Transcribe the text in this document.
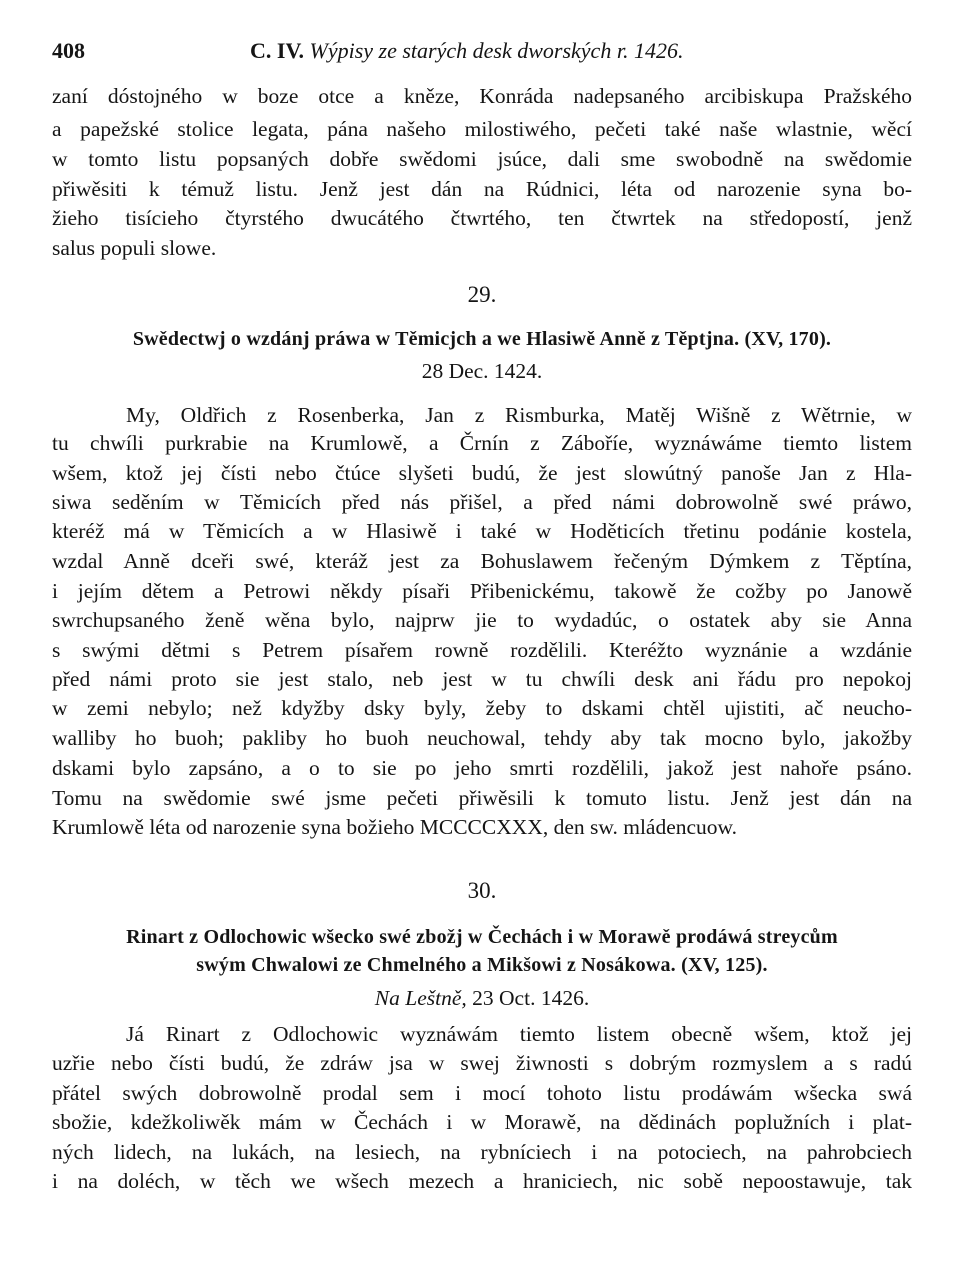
408	C. IV. Wýpisy ze starých desk dworských r. 1426.
zaní dóstojného w boze otce a kněze, Konráda nadepsaného arcibiskupa Pražského
a papežské stolice legata, pána našeho milostiwého, pečeti také naše wlastnie, wěcí
w tomto listu popsaných dobře swědomi jsúce, dali sme swobodně na swědomie
přiwěsiti k témuž listu. Jenž jest dán na Rúdnici, léta od narozenie syna bo-
žieho tisícieho čtyrstého dwucátého čtwrtého, ten čtwrtek na středopostí, jenž
salus populi slowe.
29.
Swědectwj o wzdánj práwa w Těmicjch a we Hlasiwě Anně z Těptjna. (XV, 170).
28 Dec. 1424.
My, Oldřich z Rosenberka, Jan z Rismburka, Matěj Wišně z Wětrnie, w
tu chwíli purkrabie na Krumlowě, a Črnín z Záboříe, wyznáwáme tiemto listem
wšem, ktož jej čísti nebo čtúce slyšeti budú, že jest slowútný panoše Jan z Hla-
siwa seděním w Těmicích před nás přišel, a před námi dobrowolně swé práwo,
kteréž má w Těmicích a w Hlasiwě i také w Hoděticích třetinu podánie kostela,
wzdal Anně dceři swé, kteráž jest za Bohuslawem řečeným Dýmkem z Těptína,
i jejím dětem a Petrowi někdy písaři Přibenickému, takowě že cožby po Janowě
swrchupsaného ženě wěna bylo, najprw jie to wydadúc, o ostatek aby sie Anna
s swými dětmi s Petrem písařem rowně rozdělili. Kteréžto wyznánie a wzdánie
před námi proto sie jest stalo, neb jest w tu chwíli desk ani řádu pro nepokoj
w zemi nebylo; než kdyžby dsky byly, žeby to dskami chtěl ujistiti, ač neucho-
walliby ho buoh; pakliby ho buoh neuchowal, tehdy aby tak mocno bylo, jakožby
dskami bylo zapsáno, a o to sie po jeho smrti rozdělili, jakož jest nahoře psáno.
Tomu na swědomie swé jsme pečeti přiwěsili k tomuto listu. Jenž jest dán na
Krumlowě léta od narozenie syna božieho MCCCCXXX, den sw. mládencuow.
30.
Rinart z Odlochowic wšecko swé zbožj w Čechách i w Morawě prodáwá streycům
swým Chwalowi ze Chmelného a Mikšowi z Nosákowa. (XV, 125).
Na Leštně, 23 Oct. 1426.
Já Rinart z Odlochowic wyznáwám tiemto listem obecně wšem, ktož jej
uzřie nebo čísti budú, že zdráw jsa w swej žiwnosti s dobrým rozmyslem a s radú
přátel swých dobrowolně prodal sem i mocí tohoto listu prodáwám wšecka swá
sbožie, kdežkoliwěk mám w Čechách i w Morawě, na dědinách poplužních i plat-
ných lidech, na lukách, na lesiech, na rybníciech i na potociech, na pahrobciech
i na doléch, w těch we wšech mezech a hraniciech, nic sobě nepoostawuje, tak
